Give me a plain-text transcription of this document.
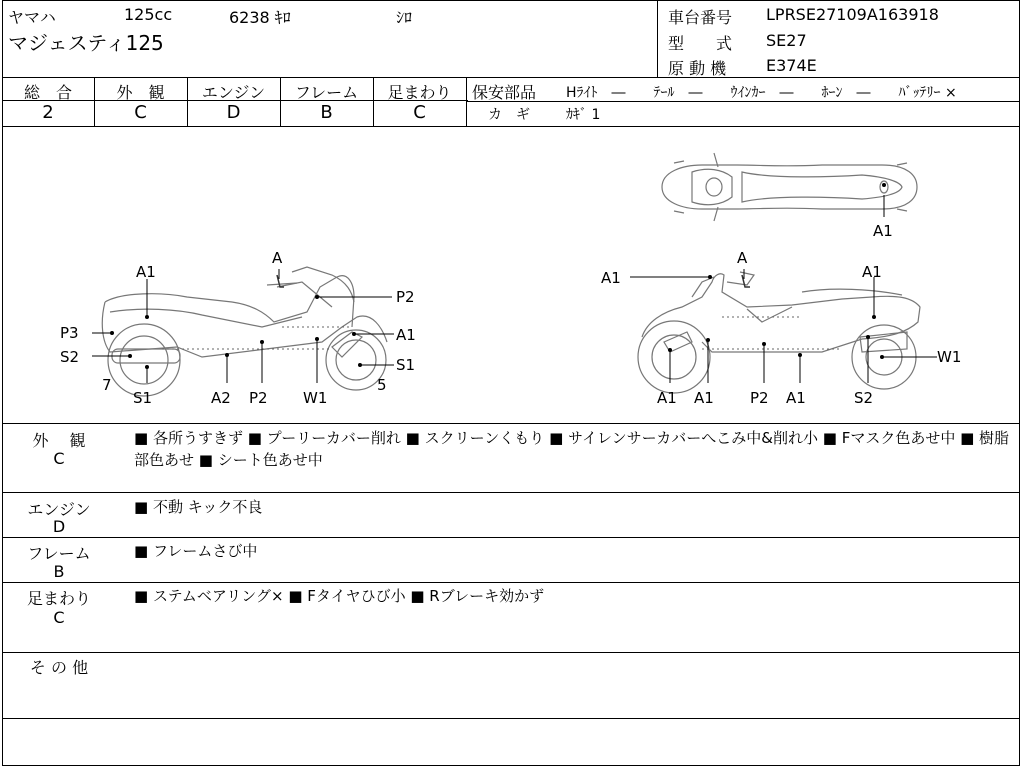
ヤマハ	125cc	6238 ｷﾛ	ｼﾛ
マジェスティ125
車台番号 LPRSE27109A163918
型　　式 SE27
原 動 機 E374E
総　合
2
外　観
C
エンジン
D
フレーム
B
足まわり
C
保安部品 Hﾗｲﾄ　―　　ﾃｰﾙ　―　　ｳｲﾝｶｰ　―　　ﾎｰﾝ　―　　ﾊﾞｯﾃﾘｰ ×
カ　ギ	ｶｷﾞ 1
A1
A1
A
P2
P3	A1
S2	S1
7
S1	A2 P2 W1
5
A1
A
A1
W1
A1 A1 P2 A1	S2
外　 観
C
■ 各所うすきず ■ プーリーカバー削れ ■ スクリーンくもり ■ サイレンサーカバーへこみ中&削れ小 ■ Fマスク色あせ中 ■ 樹脂部色あせ ■ シート色あせ中
エンジン
D
■ 不動 キック不良
フレーム
B
■ フレームさび中
足まわり
C
■ ステムベアリング× ■ Fタイヤひび小 ■ Rブレーキ効かず
そ の 他
